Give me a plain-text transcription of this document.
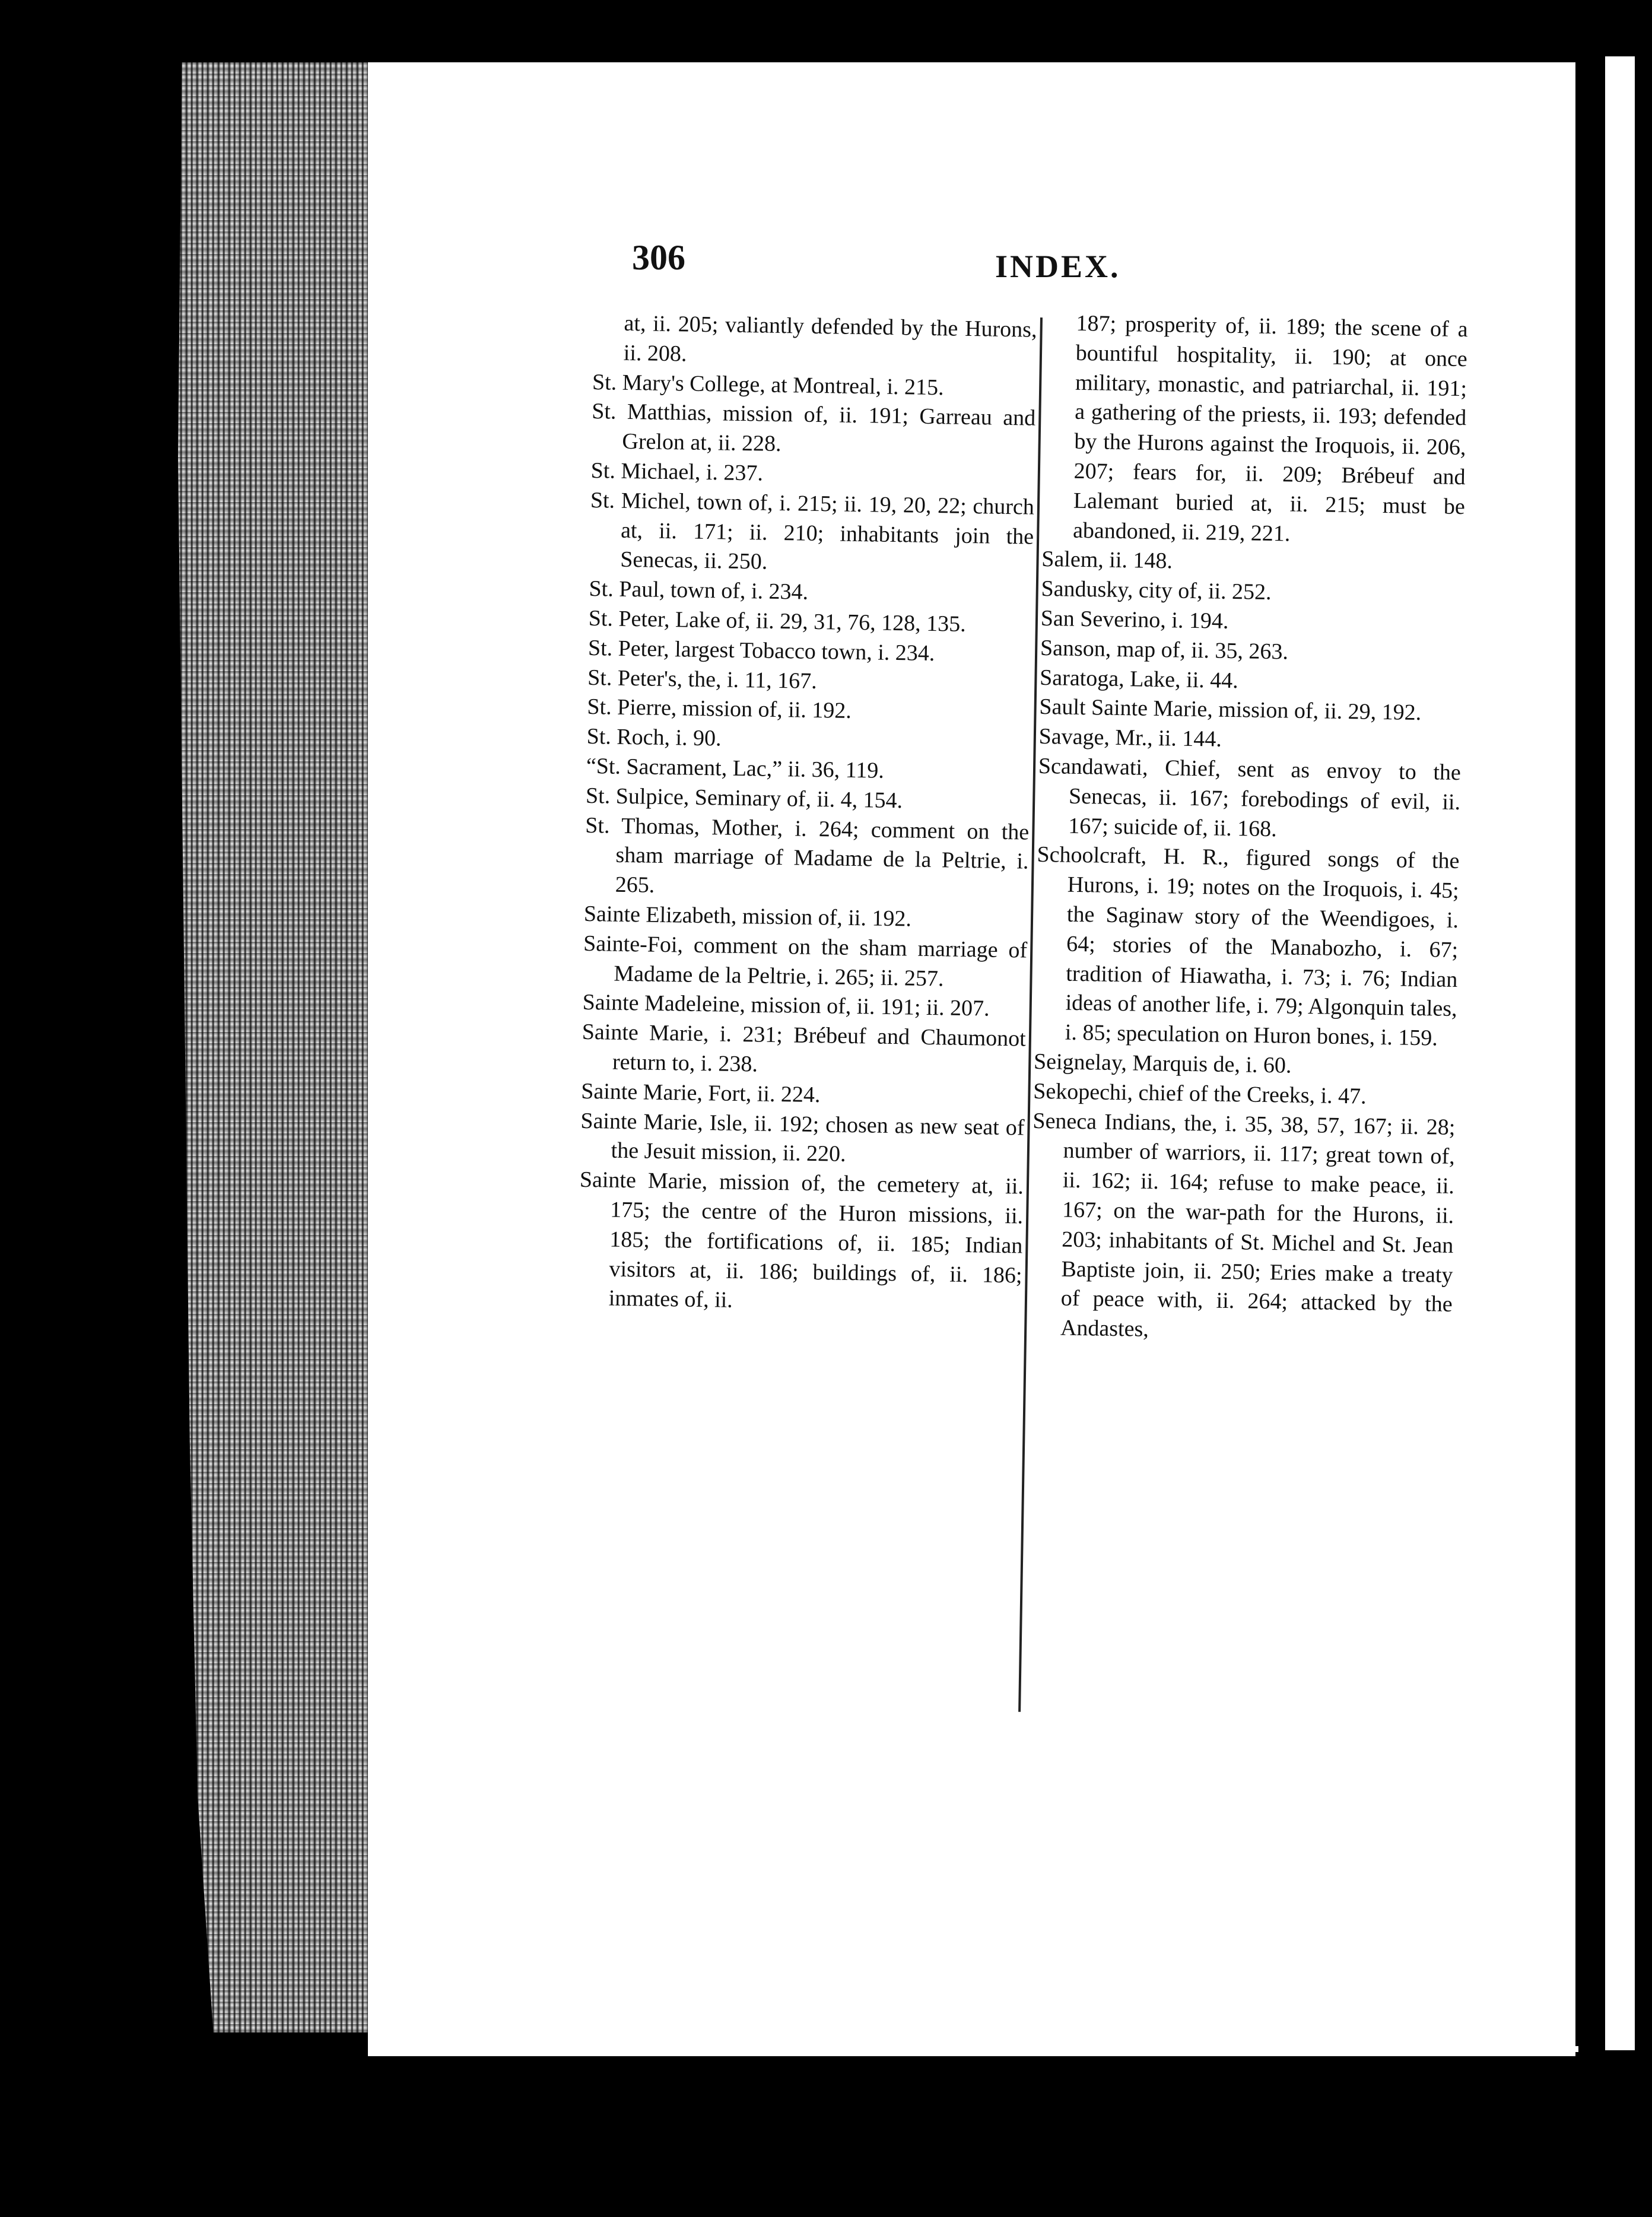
306	INDEX.

at, ii. 205; valiantly defended by the Hurons, ii. 208.

St. Mary's College, at Montreal, i. 215.

St. Matthias, mission of, ii. 191; Garreau and Grelon at, ii. 228.

St. Michael, i. 237.

St. Michel, town of, i. 215; ii. 19, 20, 22; church at, ii. 171; ii. 210; inhabitants join the Senecas, ii. 250.

St. Paul, town of, i. 234.

St. Peter, Lake of, ii. 29, 31, 76, 128, 135.

St. Peter, largest Tobacco town, i. 234.

St. Peter's, the, i. 11, 167.

St. Pierre, mission of, ii. 192.

St. Roch, i. 90.

“St. Sacrament, Lac,” ii. 36, 119.

St. Sulpice, Seminary of, ii. 4, 154.

St. Thomas, Mother, i. 264; comment on the sham marriage of Madame de la Peltrie, i. 265.

Sainte Elizabeth, mission of, ii. 192.

Sainte-Foi, comment on the sham marriage of Madame de la Peltrie, i. 265; ii. 257.

Sainte Madeleine, mission of, ii. 191; ii. 207.

Sainte Marie, i. 231; Brébeuf and Chaumonot return to, i. 238.

Sainte Marie, Fort, ii. 224.

Sainte Marie, Isle, ii. 192; chosen as new seat of the Jesuit mission, ii. 220.

Sainte Marie, mission of, the cemetery at, ii. 175; the centre of the Huron missions, ii. 185; the fortifications of, ii. 185; Indian visitors at, ii. 186; buildings of, ii. 186; inmates of, ii.

187; prosperity of, ii. 189; the scene of a bountiful hospitality, ii. 190; at once military, monastic, and patriarchal, ii. 191; a gathering of the priests, ii. 193; defended by the Hurons against the Iroquois, ii. 206, 207; fears for, ii. 209; Brébeuf and Lalemant buried at, ii. 215; must be abandoned, ii. 219, 221.

Salem, ii. 148.

Sandusky, city of, ii. 252.

San Severino, i. 194.

Sanson, map of, ii. 35, 263.

Saratoga, Lake, ii. 44.

Sault Sainte Marie, mission of, ii. 29, 192.

Savage, Mr., ii. 144.

Scandawati, Chief, sent as envoy to the Senecas, ii. 167; forebodings of evil, ii. 167; suicide of, ii. 168.

Schoolcraft, H. R., figured songs of the Hurons, i. 19; notes on the Iroquois, i. 45; the Saginaw story of the Weendigoes, i. 64; stories of the Manabozho, i. 67; tradition of Hiawatha, i. 73; i. 76; Indian ideas of another life, i. 79; Algonquin tales, i. 85; speculation on Huron bones, i. 159.

Seignelay, Marquis de, i. 60.

Sekopechi, chief of the Creeks, i. 47.

Seneca Indians, the, i. 35, 38, 57, 167; ii. 28; number of warriors, ii. 117; great town of, ii. 162; ii. 164; refuse to make peace, ii. 167; on the war-path for the Hurons, ii. 203; inhabitants of St. Michel and St. Jean Baptiste join, ii. 250; Eries make a treaty of peace with, ii. 264; attacked by the Andastes,
